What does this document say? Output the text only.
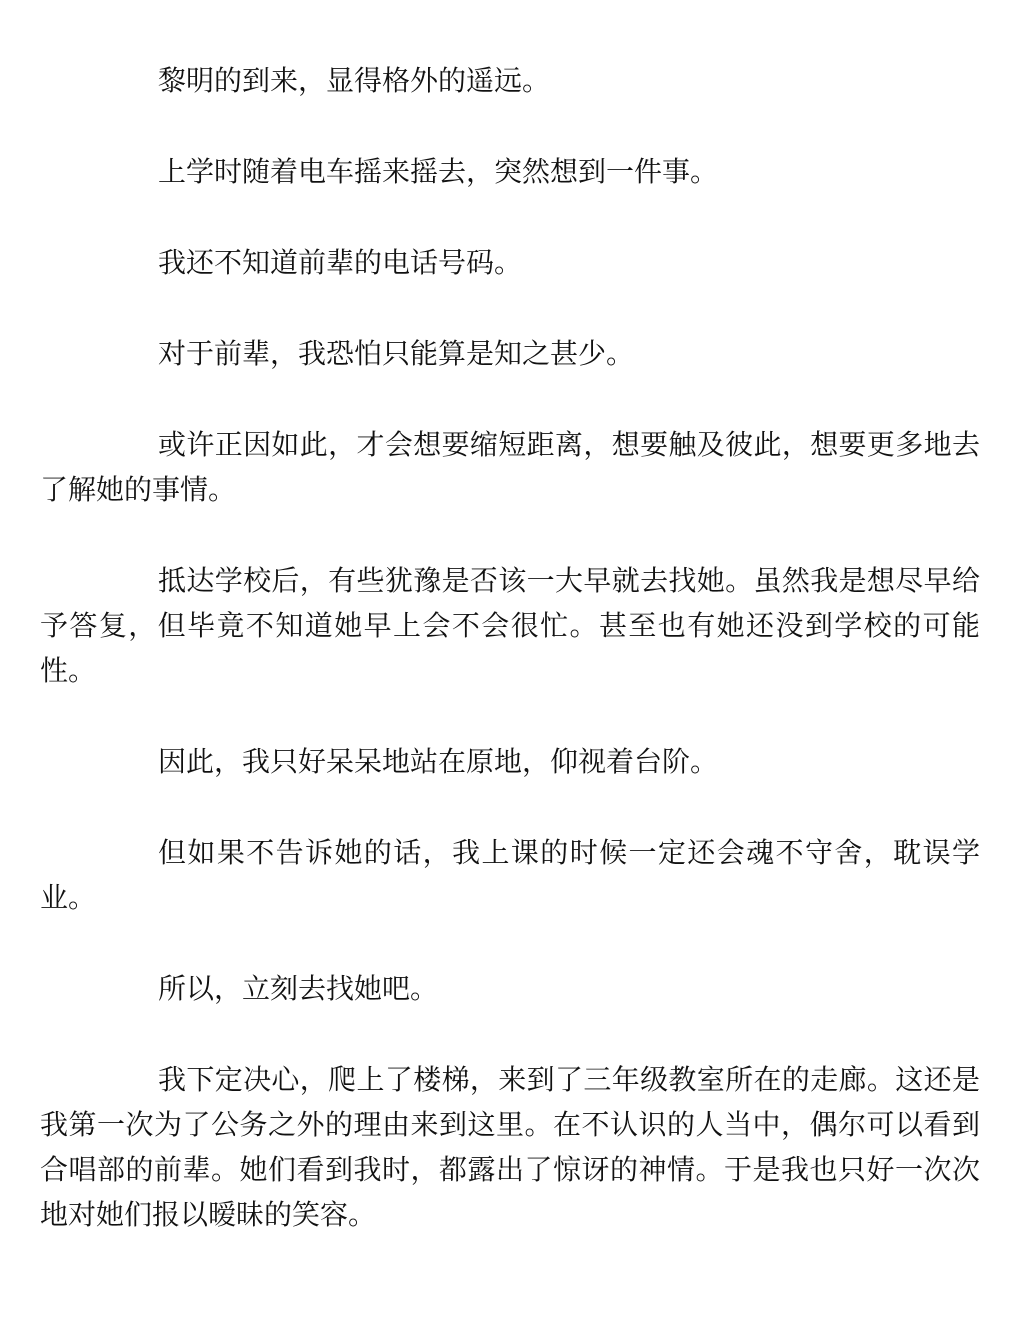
黎明的到来，显得格外的遥远。

上学时随着电车摇来摇去，突然想到一件事。

我还不知道前辈的电话号码。

对于前辈，我恐怕只能算是知之甚少。

或许正因如此，才会想要缩短距离，想要触及彼此，想要更多地去了解她的事情。

抵达学校后，有些犹豫是否该一大早就去找她。虽然我是想尽早给予答复，但毕竟不知道她早上会不会很忙。甚至也有她还没到学校的可能性。

因此，我只好呆呆地站在原地，仰视着台阶。

但如果不告诉她的话，我上课的时候一定还会魂不守舍，耽误学业。

所以，立刻去找她吧。

我下定决心，爬上了楼梯，来到了三年级教室所在的走廊。这还是我第一次为了公务之外的理由来到这里。在不认识的人当中，偶尔可以看到合唱部的前辈。她们看到我时，都露出了惊讶的神情。于是我也只好一次次地对她们报以暧昧的笑容。
